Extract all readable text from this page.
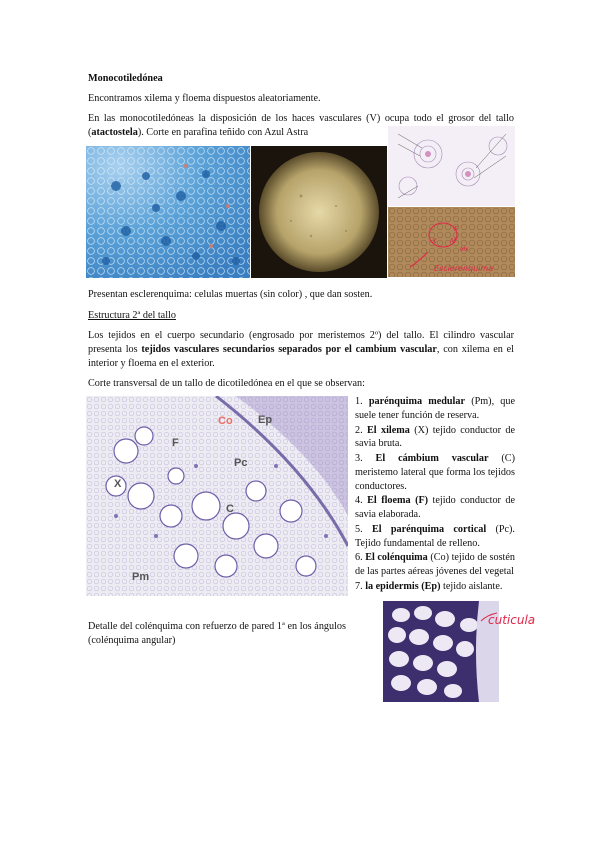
Monocotiledónea
Encontramos xilema y floema dispuestos aleatoriamente.
En las monocotiledóneas la disposición de los haces vasculares (V) ocupa todo el grosor del tallo (atactostela). Corte en parafina teñido con Azul Astra
F
X M
Mx
Esclerenquima
Presentan esclerenquima: celulas muertas (sin color) , que dan sosten.
Estructura 2ª del tallo
Los tejidos en el cuerpo secundario (engrosado por meristemos 2º) del tallo. El cilindro vascular presenta los tejidos vasculares secundarios separados por el cambium vascular, con xilema en el interior y floema en el exterior.
Corte transversal de un tallo de dicotiledónea en el que se observan:
Co Ep
F
Pc
X
C
Pm
1. parénquima medular (Pm), que suele tener función de reserva.
2. El xilema (X) tejido conductor de savia bruta.
3. El cámbium vascular (C) meristemo lateral que forma los tejidos conductores.
4. El floema (F) tejido conductor de savia elaborada.
5. El parénquima cortical (Pc). Tejido fundamental de relleno.
6. El colénquima (Co) tejido de sostén de las partes aéreas jóvenes del vegetal
7. la epidermis (Ep) tejido aislante.
Detalle del colénquima con refuerzo de pared 1ª en los ángulos (colénquima angular)
cuticula
